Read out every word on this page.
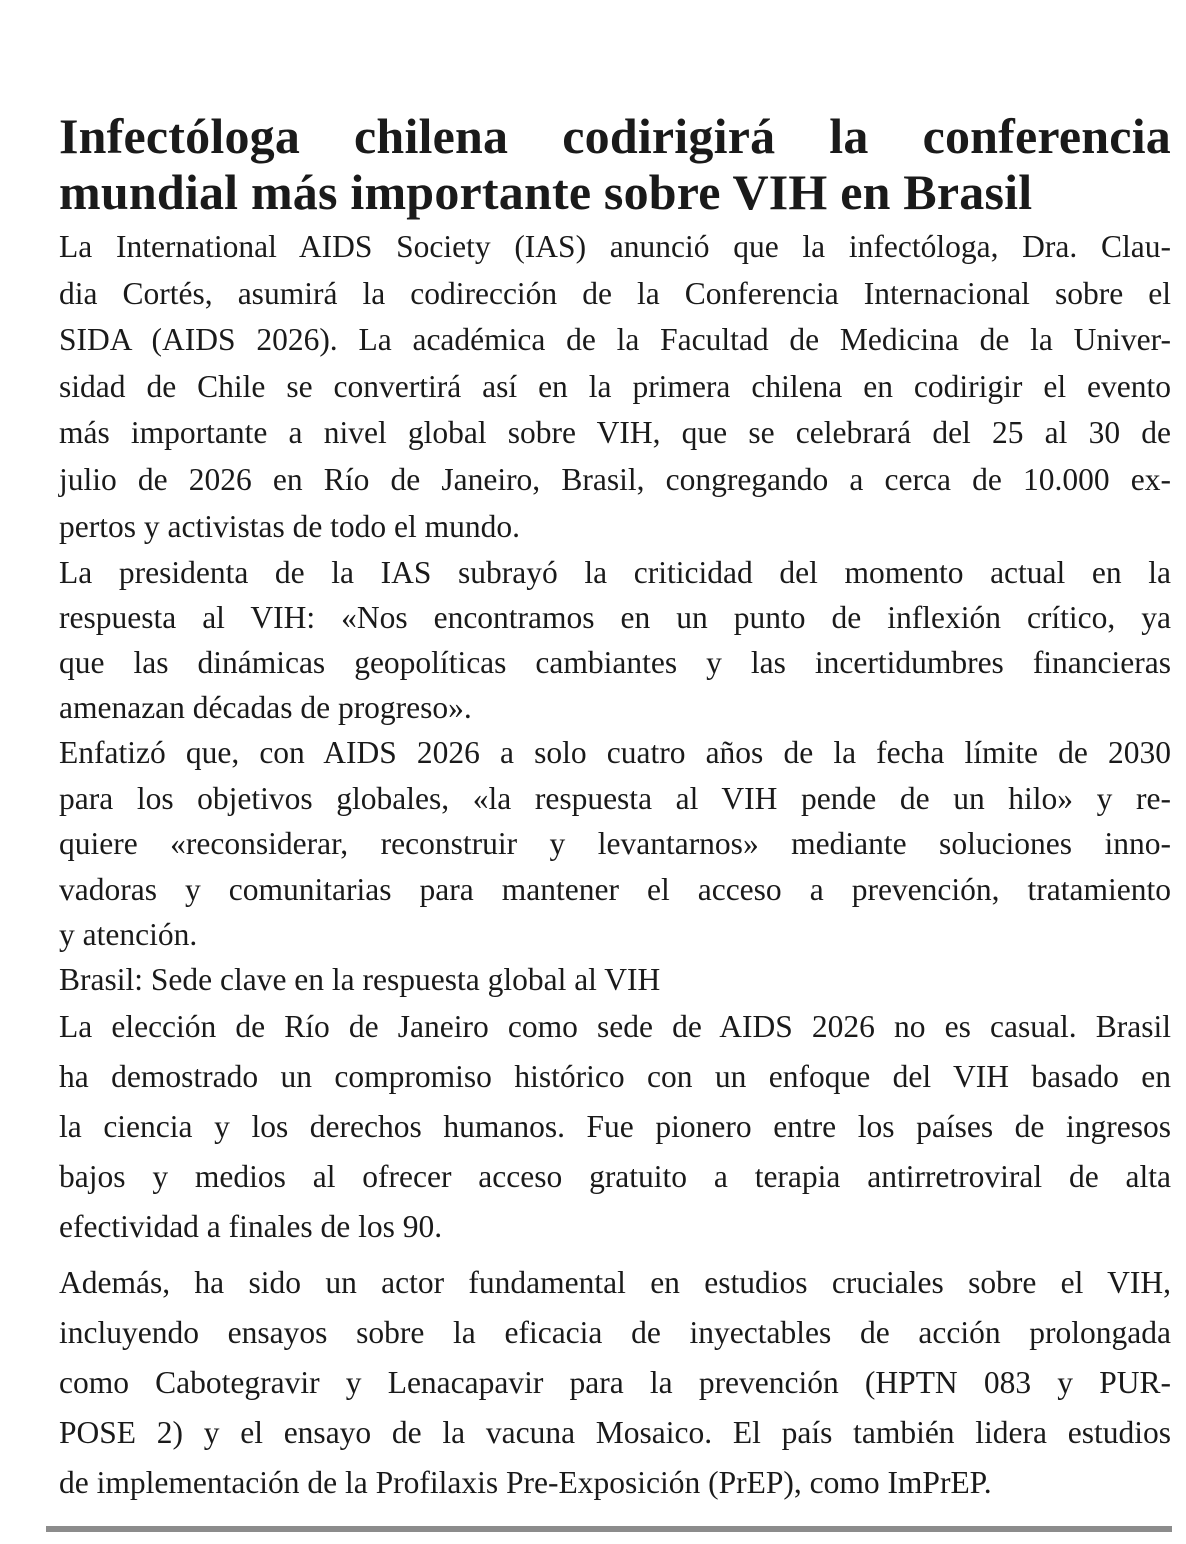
Infectóloga chilena codirigirá la conferencia
mundial más importante sobre VIH en Brasil

La International AIDS Society (IAS) anunció que la infectóloga, Dra. Clau-
dia Cortés, asumirá la codirección de la Conferencia Internacional sobre el
SIDA (AIDS 2026). La académica de la Facultad de Medicina de la Univer-
sidad de Chile se convertirá así en la primera chilena en codirigir el evento
más importante a nivel global sobre VIH, que se celebrará del 25 al 30 de
julio de 2026 en Río de Janeiro, Brasil, congregando a cerca de 10.000 ex-
pertos y activistas de todo el mundo.

La presidenta de la IAS subrayó la criticidad del momento actual en la
respuesta al VIH: «Nos encontramos en un punto de inflexión crítico, ya
que las dinámicas geopolíticas cambiantes y las incertidumbres financieras
amenazan décadas de progreso».

Enfatizó que, con AIDS 2026 a solo cuatro años de la fecha límite de 2030
para los objetivos globales, «la respuesta al VIH pende de un hilo» y re-
quiere «reconsiderar, reconstruir y levantarnos» mediante soluciones inno-
vadoras y comunitarias para mantener el acceso a prevención, tratamiento
y atención.

Brasil: Sede clave en la respuesta global al VIH

La elección de Río de Janeiro como sede de AIDS 2026 no es casual. Brasil
ha demostrado un compromiso histórico con un enfoque del VIH basado en
la ciencia y los derechos humanos. Fue pionero entre los países de ingresos
bajos y medios al ofrecer acceso gratuito a terapia antirretroviral de alta
efectividad a finales de los 90.

Además, ha sido un actor fundamental en estudios cruciales sobre el VIH,
incluyendo ensayos sobre la eficacia de inyectables de acción prolongada
como Cabotegravir y Lenacapavir para la prevención (HPTN 083 y PUR-
POSE 2) y el ensayo de la vacuna Mosaico. El país también lidera estudios
de implementación de la Profilaxis Pre-Exposición (PrEP), como ImPrEP.
